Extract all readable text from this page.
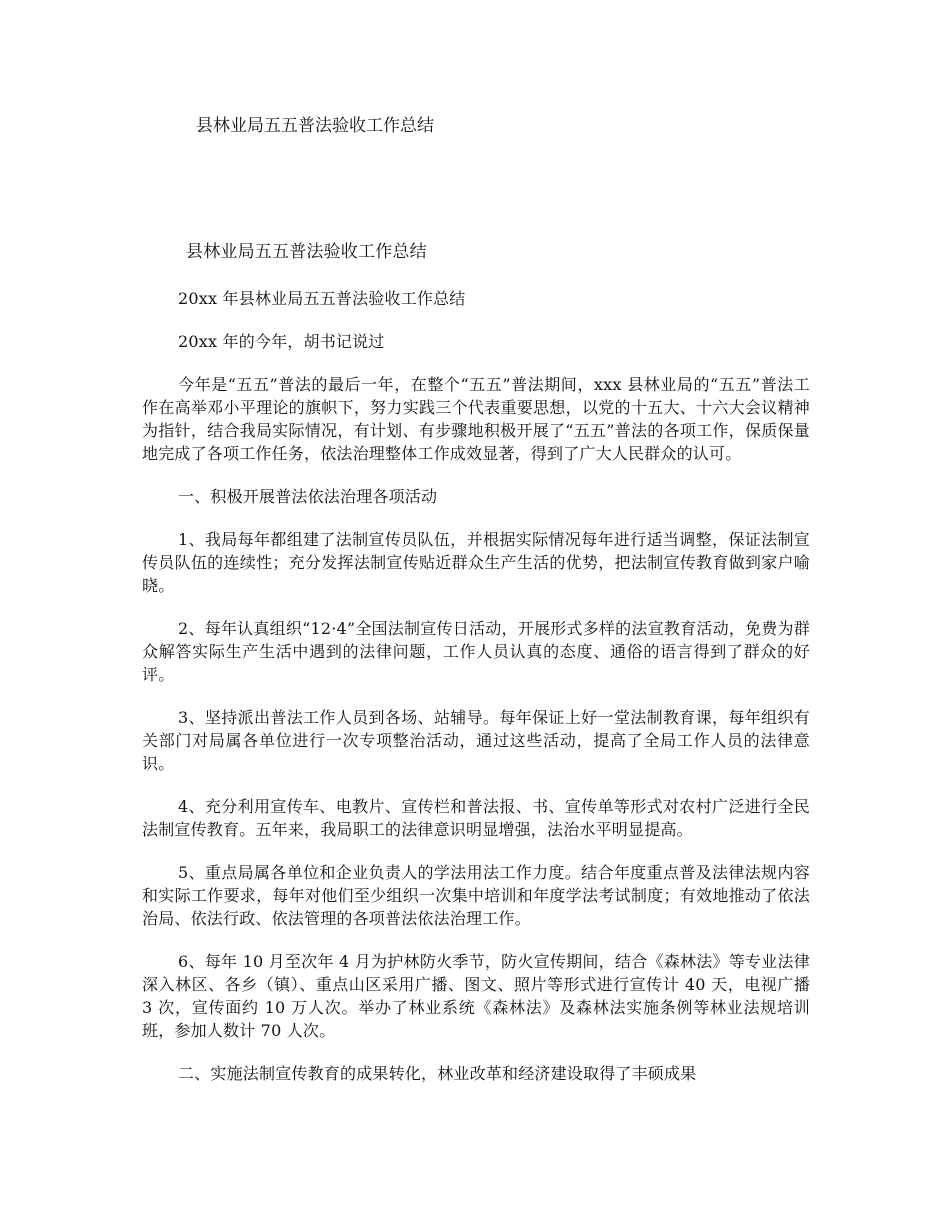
县林业局五五普法验收工作总结
县林业局五五普法验收工作总结

20xx 年县林业局五五普法验收工作总结

20xx 年的今年，胡书记说过

今年是“五五”普法的最后一年，在整个“五五”普法期间，xxx 县林业局的“五五”普法工作在高举邓小平理论的旗帜下，努力实践三个代表重要思想，以党的十五大、十六大会议精神为指针，结合我局实际情况，有计划、有步骤地积极开展了“五五”普法的各项工作，保质保量地完成了各项工作任务，依法治理整体工作成效显著，得到了广大人民群众的认可。

一、积极开展普法依法治理各项活动

1、我局每年都组建了法制宣传员队伍，并根据实际情况每年进行适当调整，保证法制宣传员队伍的连续性；充分发挥法制宣传贴近群众生产生活的优势，把法制宣传教育做到家户喻晓。

2、每年认真组织“12·4”全国法制宣传日活动，开展形式多样的法宣教育活动，免费为群众解答实际生产生活中遇到的法律问题，工作人员认真的态度、通俗的语言得到了群众的好评。

3、坚持派出普法工作人员到各场、站辅导。每年保证上好一堂法制教育课，每年组织有关部门对局属各单位进行一次专项整治活动，通过这些活动，提高了全局工作人员的法律意识。

4、充分利用宣传车、电教片、宣传栏和普法报、书、宣传单等形式对农村广泛进行全民法制宣传教育。五年来，我局职工的法律意识明显增强，法治水平明显提高。

5、重点局属各单位和企业负责人的学法用法工作力度。结合年度重点普及法律法规内容和实际工作要求，每年对他们至少组织一次集中培训和年度学法考试制度；有效地推动了依法治局、依法行政、依法管理的各项普法依法治理工作。

6、每年 10 月至次年 4 月为护林防火季节，防火宣传期间，结合《森林法》等专业法律深入林区、各乡（镇）、重点山区采用广播、图文、照片等形式进行宣传计 40 天，电视广播 3 次，宣传面约 10 万人次。举办了林业系统《森林法》及森林法实施条例等林业法规培训班，参加人数计 70 人次。

二、实施法制宣传教育的成果转化，林业改革和经济建设取得了丰硕成果
